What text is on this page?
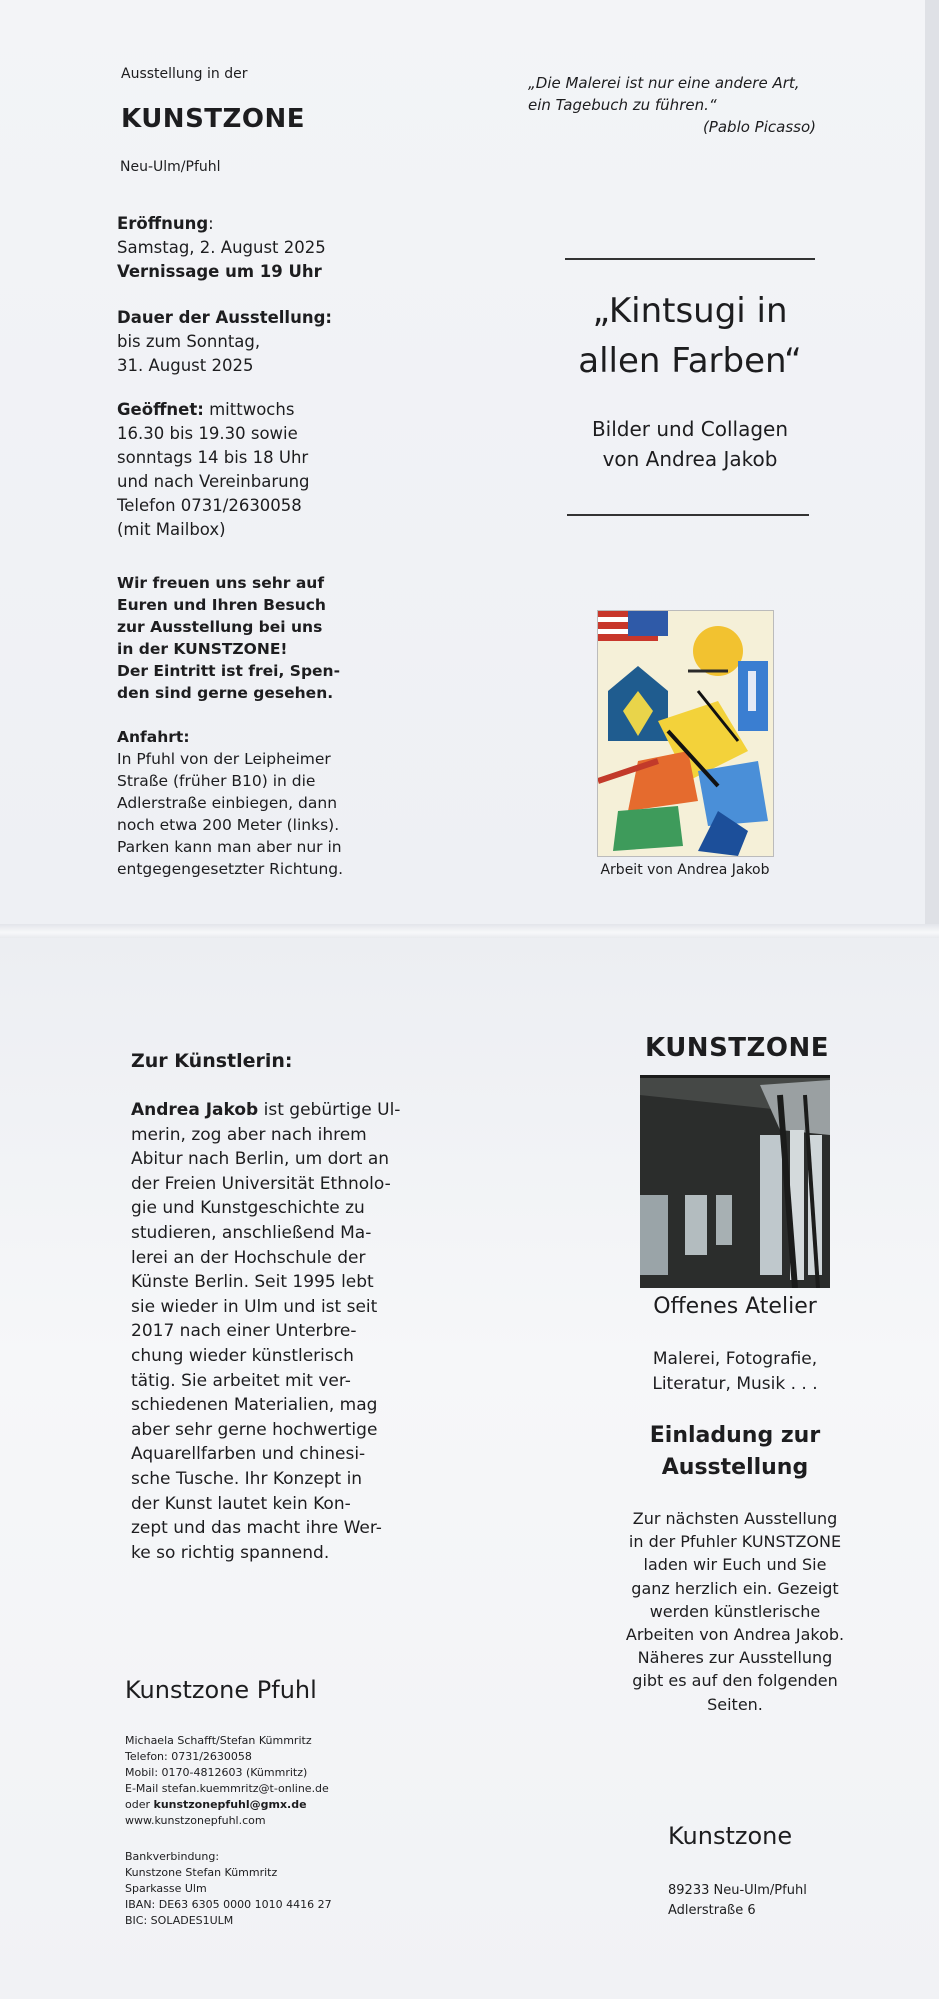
Ausstellung in der

KUNSTZONE

Neu-Ulm/Pfuhl

Eröffnung:

Samstag, 2. August 2025

Vernissage um 19 Uhr

Dauer der Ausstellung:

bis zum Sonntag,

31. August 2025

Geöffnet: mittwochs

16.30 bis 19.30 sowie

sonntags 14 bis 18 Uhr

und nach Vereinbarung

Telefon 0731/2630058

(mit Mailbox)

Wir freuen uns sehr auf

Euren und Ihren Besuch

zur Ausstellung bei uns

in der KUNSTZONE!

Der Eintritt ist frei, Spen-

den sind gerne gesehen.

Anfahrt:

In Pfuhl von der Leipheimer

Straße (früher B10) in die

Adlerstraße einbiegen, dann

noch etwa 200 Meter (links).

Parken kann man aber nur in

entgegengesetzter Richtung.

„Die Malerei ist nur eine andere Art,

ein Tagebuch zu führen.“

(Pablo Picasso)

„Kintsugi in

allen Farben“

Bilder und Collagen

von Andrea Jakob

Arbeit von Andrea Jakob

Zur Künstlerin:

Andrea Jakob ist gebürtige Ul-

merin, zog aber nach ihrem

Abitur nach Berlin, um dort an

der Freien Universität Ethnolo-

gie und Kunstgeschichte zu

studieren, anschließend Ma-

lerei an der Hochschule der

Künste Berlin. Seit 1995 lebt

sie wieder in Ulm und ist seit

2017 nach einer Unterbre-

chung wieder künstlerisch

tätig. Sie arbeitet mit ver-

schiedenen Materialien, mag

aber sehr gerne hochwertige

Aquarellfarben und chinesi-

sche Tusche. Ihr Konzept in

der Kunst lautet kein Kon-

zept und das macht ihre Wer-

ke so richtig spannend.

Kunstzone Pfuhl

Michaela Schafft/Stefan Kümmritz

Telefon: 0731/2630058

Mobil: 0170-4812603 (Kümmritz)

E-Mail stefan.kuemmritz@t-online.de

oder kunstzonepfuhl@gmx.de

www.kunstzonepfuhl.com

Bankverbindung:

Kunstzone Stefan Kümmritz

Sparkasse Ulm

IBAN: DE63 6305 0000 1010 4416 27

BIC: SOLADES1ULM

KUNSTZONE

Offenes Atelier

Malerei, Fotografie,

Literatur, Musik . . .

Einladung zur

Ausstellung

Zur nächsten Ausstellung

in der Pfuhler KUNSTZONE

laden wir Euch und Sie

ganz herzlich ein. Gezeigt

werden künstlerische

Arbeiten von Andrea Jakob.

Näheres zur Ausstellung

gibt es auf den folgenden

Seiten.

Kunstzone

89233 Neu-Ulm/Pfuhl

Adlerstraße 6
